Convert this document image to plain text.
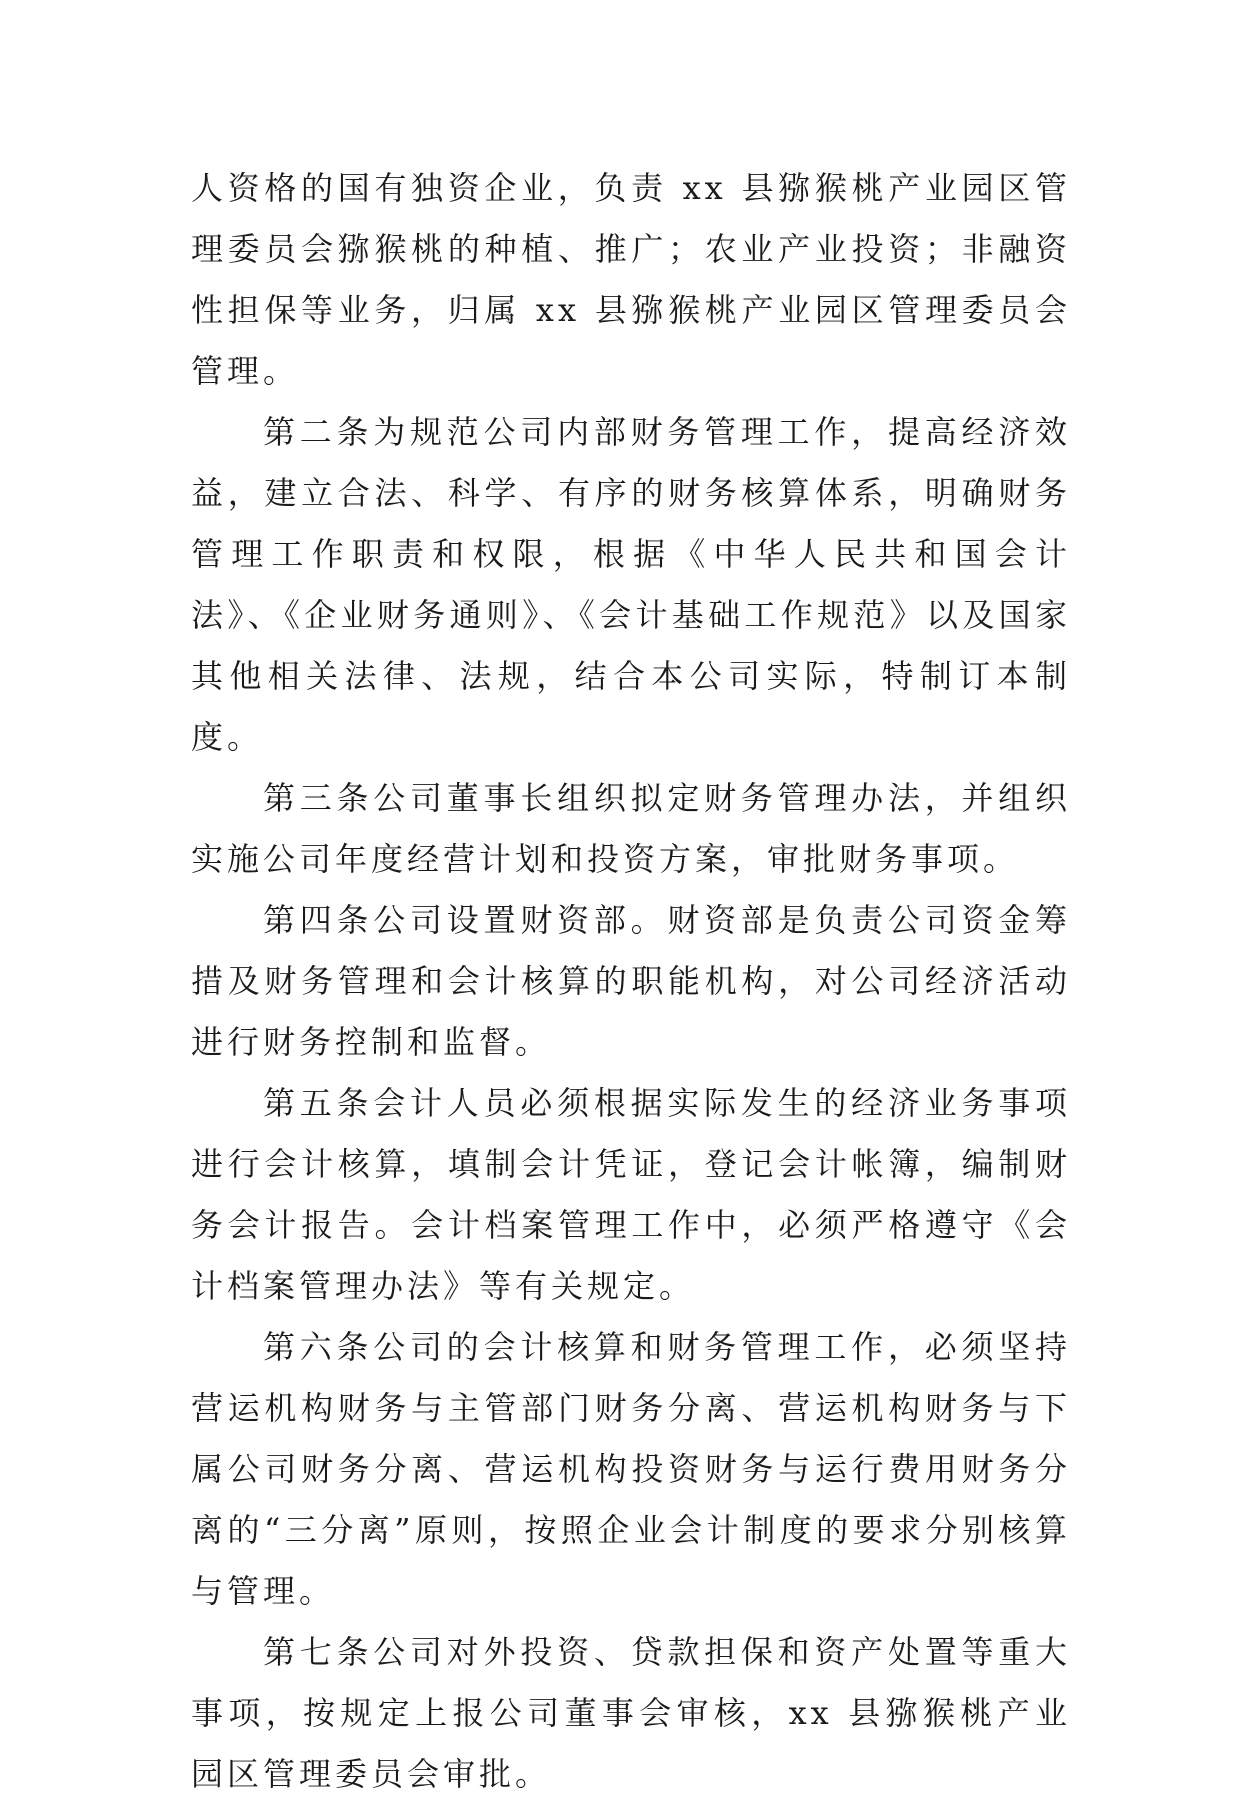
人资格的国有独资企业，负责 xx 县猕猴桃产业园区管理委员会猕猴桃的种植、推广；农业产业投资；非融资性担保等业务，归属 xx 县猕猴桃产业园区管理委员会管理。

第二条为规范公司内部财务管理工作，提高经济效益，建立合法、科学、有序的财务核算体系，明确财务管理工作职责和权限，根据《中华人民共和国会计法》、《企业财务通则》、《会计基础工作规范》以及国家其他相关法律、法规，结合本公司实际，特制订本制度。

第三条公司董事长组织拟定财务管理办法，并组织实施公司年度经营计划和投资方案，审批财务事项。

第四条公司设置财资部。财资部是负责公司资金筹措及财务管理和会计核算的职能机构，对公司经济活动进行财务控制和监督。

第五条会计人员必须根据实际发生的经济业务事项进行会计核算，填制会计凭证，登记会计帐簿，编制财务会计报告。会计档案管理工作中，必须严格遵守《会计档案管理办法》等有关规定。

第六条公司的会计核算和财务管理工作，必须坚持营运机构财务与主管部门财务分离、营运机构财务与下属公司财务分离、营运机构投资财务与运行费用财务分离的“三分离”原则，按照企业会计制度的要求分别核算与管理。

第七条公司对外投资、贷款担保和资产处置等重大事项，按规定上报公司董事会审核，xx 县猕猴桃产业园区管理委员会审批。
